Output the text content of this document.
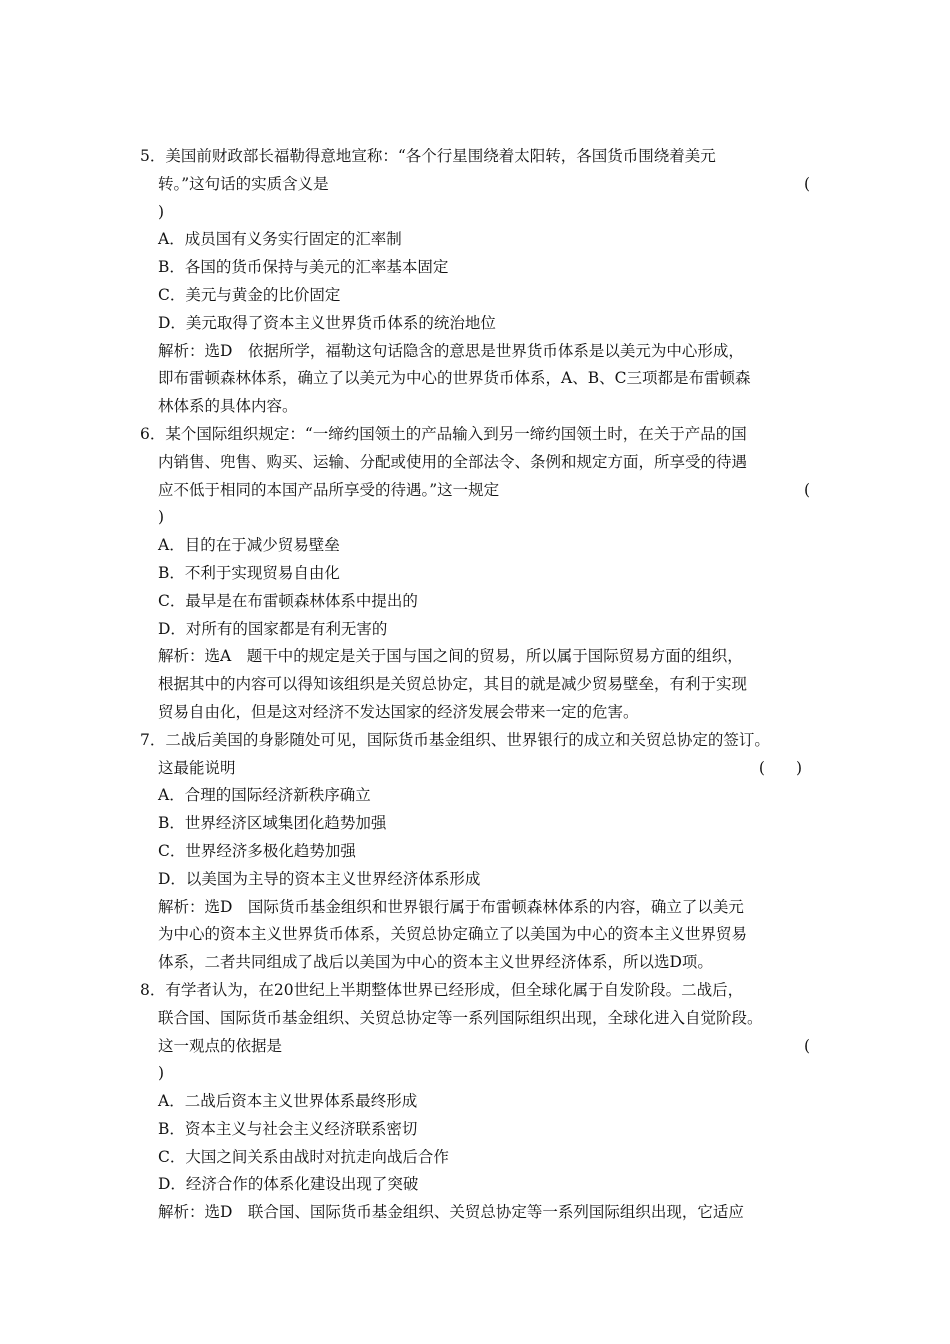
5．美国前财政部长福勒得意地宣称：“各个行星围绕着太阳转，各国货币围绕着美元
转。”这句话的实质含义是	(
)
A．成员国有义务实行固定的汇率制
B．各国的货币保持与美元的汇率基本固定
C．美元与黄金的比价固定
D．美元取得了资本主义世界货币体系的统治地位
解析：选D　依据所学，福勒这句话隐含的意思是世界货币体系是以美元为中心形成，
即布雷顿森林体系，确立了以美元为中心的世界货币体系，A、B、C三项都是布雷顿森
林体系的具体内容。
6．某个国际组织规定：“一缔约国领土的产品输入到另一缔约国领土时，在关于产品的国
内销售、兜售、购买、运输、分配或使用的全部法令、条例和规定方面，所享受的待遇
应不低于相同的本国产品所享受的待遇。”这一规定	(
)
A．目的在于减少贸易壁垒
B．不利于实现贸易自由化
C．最早是在布雷顿森林体系中提出的
D．对所有的国家都是有利无害的
解析：选A　题干中的规定是关于国与国之间的贸易，所以属于国际贸易方面的组织，
根据其中的内容可以得知该组织是关贸总协定，其目的就是减少贸易壁垒，有利于实现
贸易自由化，但是这对经济不发达国家的经济发展会带来一定的危害。
7．二战后美国的身影随处可见，国际货币基金组织、世界银行的成立和关贸总协定的签订。
这最能说明	(　　)
A．合理的国际经济新秩序确立
B．世界经济区域集团化趋势加强
C．世界经济多极化趋势加强
D．以美国为主导的资本主义世界经济体系形成
解析：选D　国际货币基金组织和世界银行属于布雷顿森林体系的内容，确立了以美元
为中心的资本主义世界货币体系，关贸总协定确立了以美国为中心的资本主义世界贸易
体系，二者共同组成了战后以美国为中心的资本主义世界经济体系，所以选D项。
8．有学者认为，在20世纪上半期整体世界已经形成，但全球化属于自发阶段。二战后，
联合国、国际货币基金组织、关贸总协定等一系列国际组织出现，全球化进入自觉阶段。
这一观点的依据是	(
)
A．二战后资本主义世界体系最终形成
B．资本主义与社会主义经济联系密切
C．大国之间关系由战时对抗走向战后合作
D．经济合作的体系化建设出现了突破
解析：选D　联合国、国际货币基金组织、关贸总协定等一系列国际组织出现，它适应
